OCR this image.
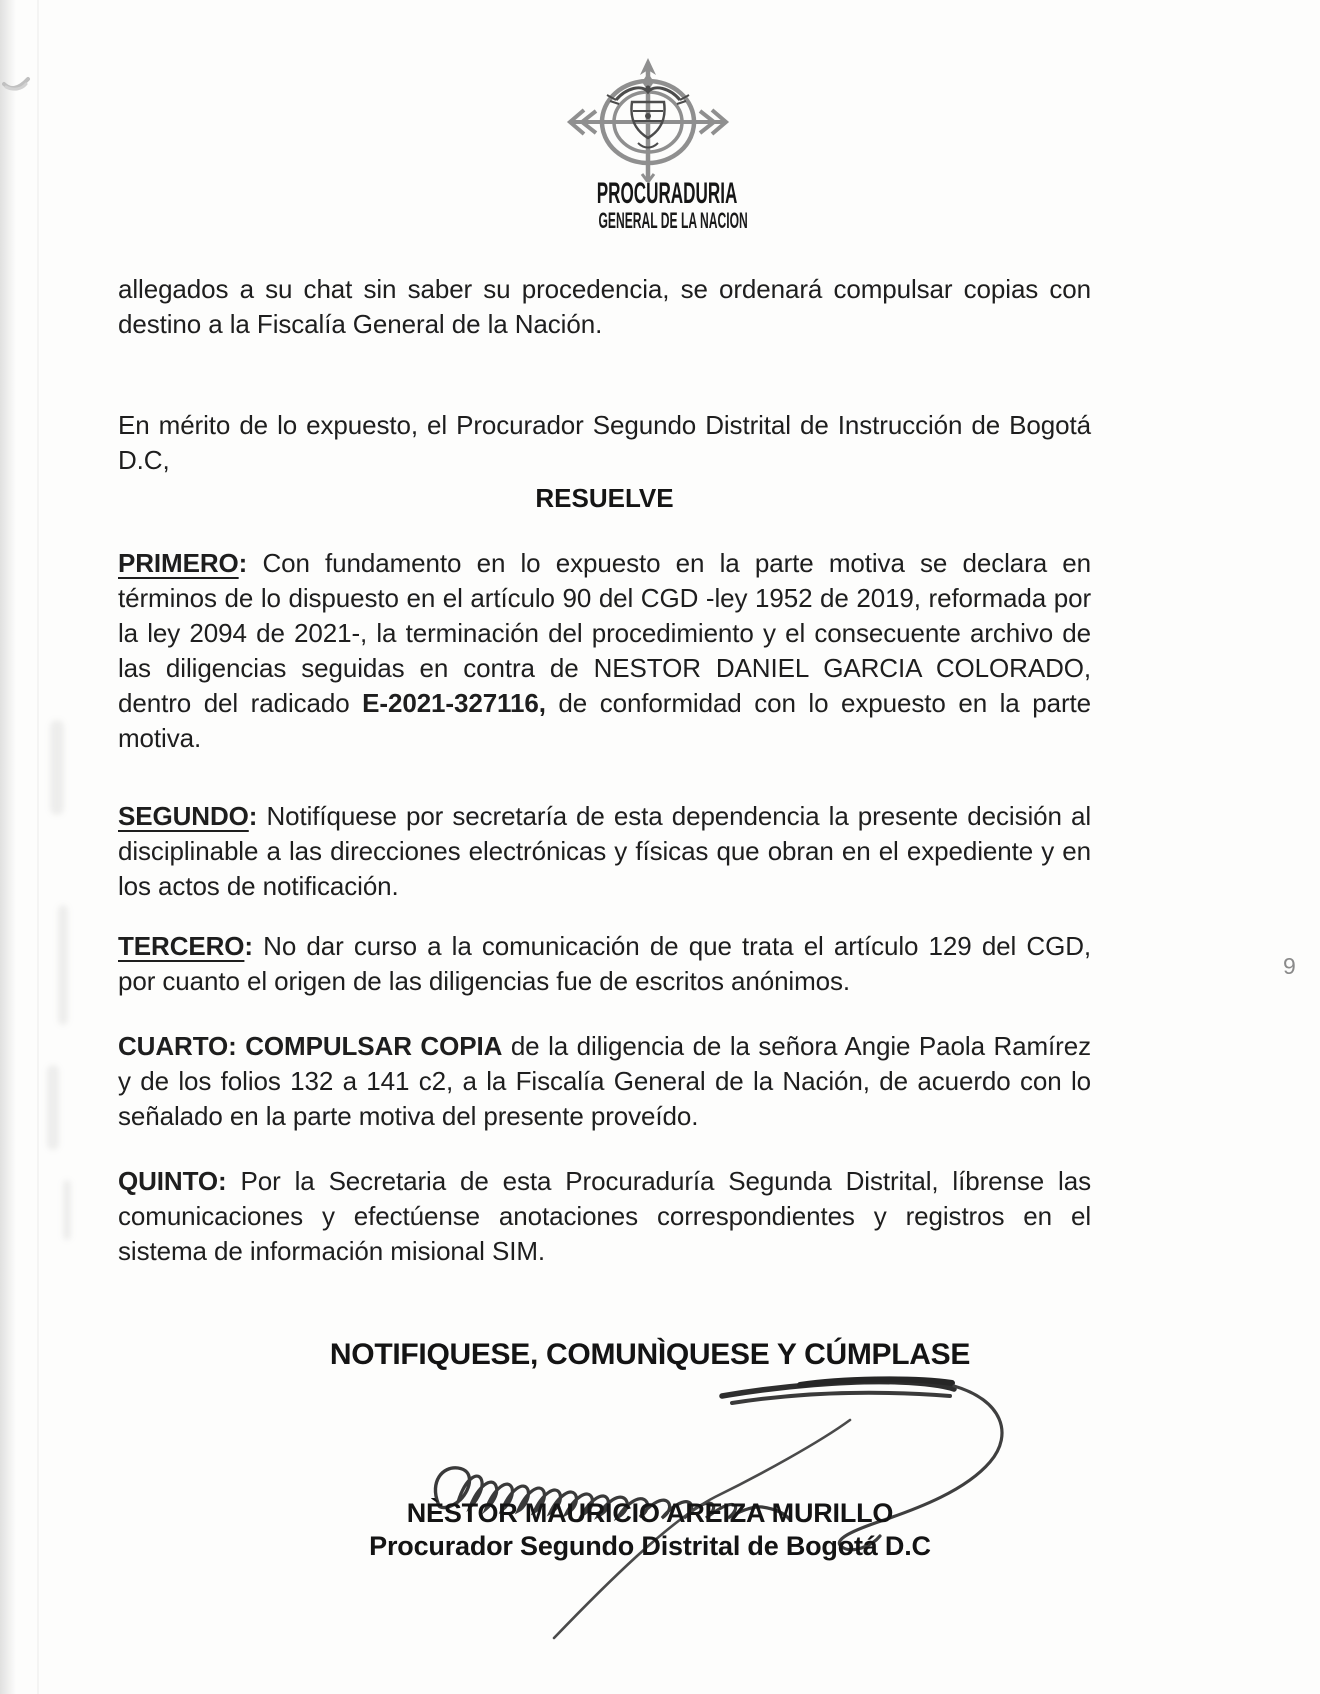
PROCURADURIA
GENERAL DE LA NACION

allegados a su chat sin saber su procedencia, se ordenará compulsar copias con destino a la Fiscalía General de la Nación.

En mérito de lo expuesto, el Procurador Segundo Distrital de Instrucción de Bogotá D.C,

RESUELVE

PRIMERO: Con fundamento en lo expuesto en la parte motiva se declara en términos de lo dispuesto en el artículo 90 del CGD -ley 1952 de 2019, reformada por la ley 2094 de 2021-, la terminación del procedimiento y el consecuente archivo de las diligencias seguidas en contra de NESTOR DANIEL GARCIA COLORADO, dentro del radicado E-2021-327116, de conformidad con lo expuesto en la parte motiva.

SEGUNDO: Notifíquese por secretaría de esta dependencia la presente decisión al disciplinable a las direcciones electrónicas y físicas que obran en el expediente y en los actos de notificación.

TERCERO: No dar curso a la comunicación de que trata el artículo 129 del CGD, por cuanto el origen de las diligencias fue de escritos anónimos.

CUARTO: COMPULSAR COPIA de la diligencia de la señora Angie Paola Ramírez y de los folios 132 a 141 c2, a la Fiscalía General de la Nación, de acuerdo con lo señalado en la parte motiva del presente proveído.

QUINTO: Por la Secretaria de esta Procuraduría Segunda Distrital, líbrense las comunicaciones y efectúense anotaciones correspondientes y registros en el sistema de información misional SIM.

NOTIFIQUESE, COMUNÌQUESE Y CÚMPLASE
NÈSTOR MAURICIO AREIZA MURILLO
Procurador Segundo Distrital de Bogotá D.C
9
